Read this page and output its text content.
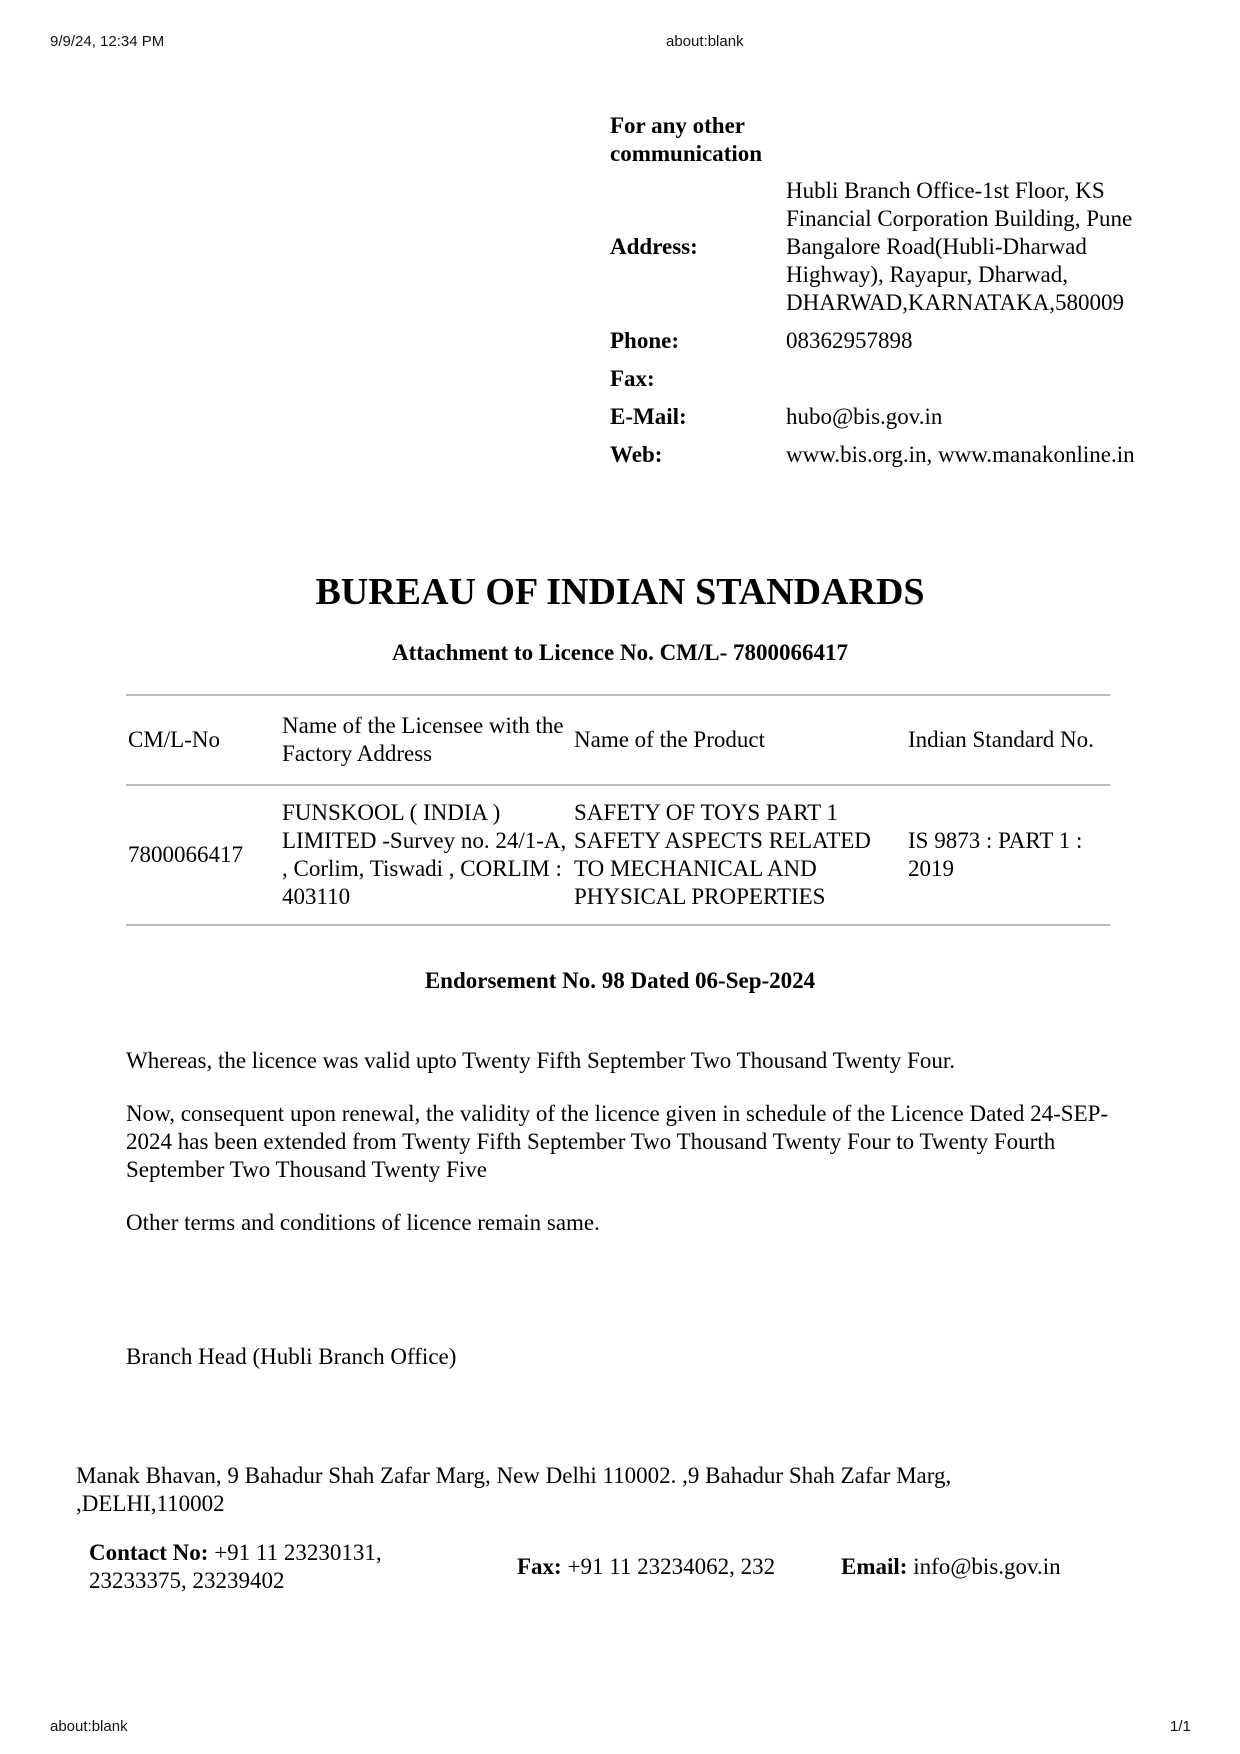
9/9/24, 12:34 PM	about:blank
For any other communication
Address:
Hubli Branch Office-1st Floor, KS Financial Corporation Building, Pune Bangalore Road(Hubli-Dharwad Highway), Rayapur, Dharwad, DHARWAD,KARNATAKA,580009
Phone:	08362957898
Fax:
E-Mail:	hubo@bis.gov.in
Web:	www.bis.org.in, www.manakonline.in
BUREAU OF INDIAN STANDARDS
Attachment to Licence No. CM/L- 7800066417
CM/L-No	Name of the Licensee with the Factory Address	Name of the Product	Indian Standard No.
7800066417	FUNSKOOL ( INDIA ) LIMITED -Survey no. 24/1-A, , Corlim, Tiswadi , CORLIM : 403110	SAFETY OF TOYS PART 1 SAFETY ASPECTS RELATED TO MECHANICAL AND PHYSICAL PROPERTIES	IS 9873 : PART 1 : 2019
Endorsement No. 98 Dated 06-Sep-2024
Whereas, the licence was valid upto Twenty Fifth September Two Thousand Twenty Four.
Now, consequent upon renewal, the validity of the licence given in schedule of the Licence Dated 24-SEP-2024 has been extended from Twenty Fifth September Two Thousand Twenty Four to Twenty Fourth September Two Thousand Twenty Five
Other terms and conditions of licence remain same.
Branch Head (Hubli Branch Office)
Manak Bhavan, 9 Bahadur Shah Zafar Marg, New Delhi 110002. ,9 Bahadur Shah Zafar Marg, ,DELHI,110002
Contact No: +91 11 23230131, 23233375, 23239402
Fax: +91 11 23234062, 232	Email: info@bis.gov.in
about:blank	1/1
